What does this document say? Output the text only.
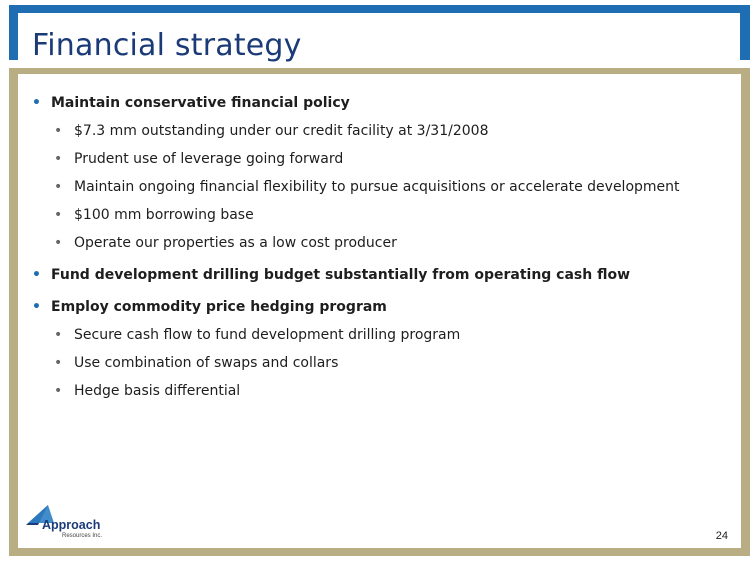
Financial strategy
• Maintain conservative financial policy
• $7.3 mm outstanding under our credit facility at 3/31/2008
• Prudent use of leverage going forward
• Maintain ongoing financial flexibility to pursue acquisitions or accelerate development
• $100 mm borrowing base
• Operate our properties as a low cost producer
• Fund development drilling budget substantially from operating cash flow
• Employ commodity price hedging program
• Secure cash flow to fund development drilling program
• Use combination of swaps and collars
• Hedge basis differential
Approach
Resources Inc.	24
